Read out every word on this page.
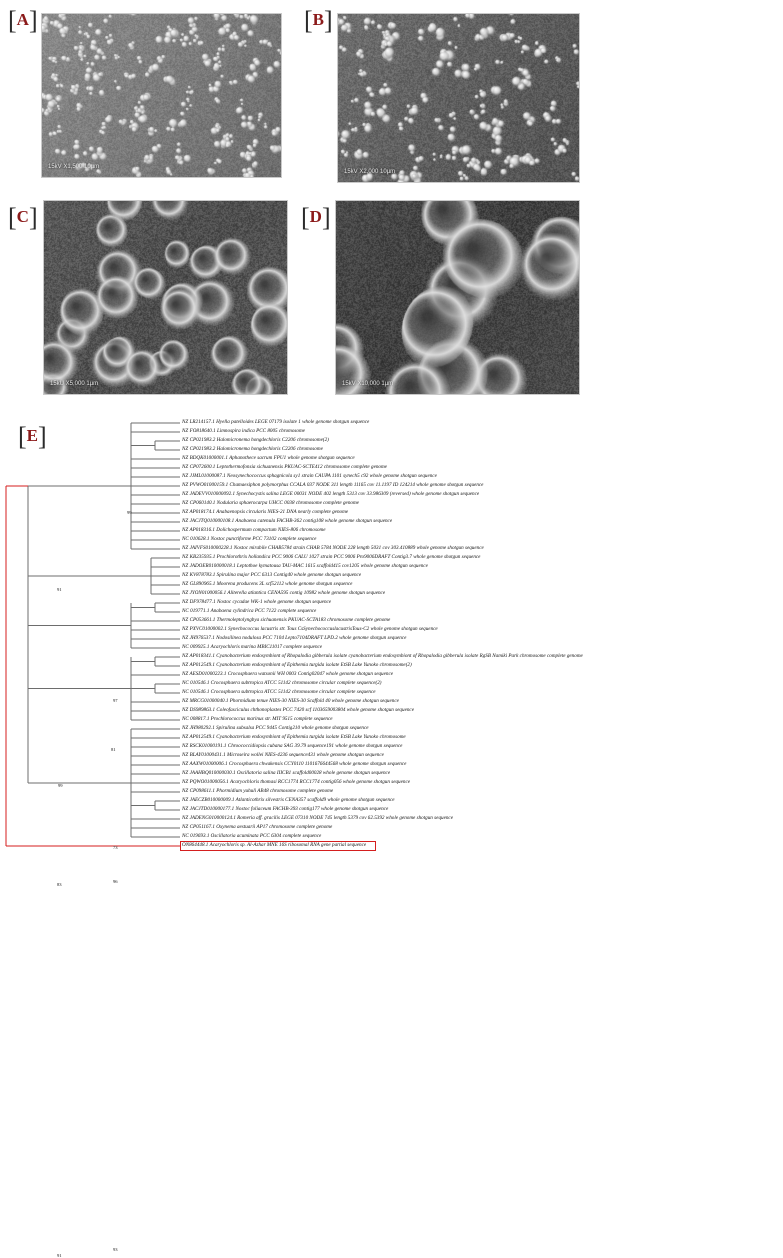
[A]
15kV X1,500 10µm
[B]
15kV X2,000 10µm
[C]
15kU X5,000 1µm
[D]
15kV X10,000 1µm
[E]
NZ LR214157.1 Hyella patelloides LEGE 07179 isolate 1 whole genome shotgun sequence
NZ FO818640.1 Limnospira indica PCC 8005 chromosome
NZ CP021983.2 Halomicronema hongdechloris C2206 chromosome(2)
NZ CP021983.2 Halomicronema hongdechloris C2206 chromosome
NZ BDQK01000001.1 Aphanothece sacrum FPU1 whole genome shotgun sequence
NZ CP072600.1 Leptothermofonsia sichuanensis PKUAC-SCTE412 chromosome complete genome
NZ JJML01000087.1 Neosynechococcus sphagnicola sy1 strain CAUPA 1101 synech5 c92 whole genome shotgun sequence
NZ PVWO01000159.1 Chamaesiphon polymorphus CCALA 037 NODE 311 length 11165 cov 11.1197 ID 124214 whole genome shotgun sequence
NZ JADEVV010000092.1 Synechocystis salina LEGE 00031 NODE 402 length 5313 cov 33.986309 (reversed) whole genome shotgun sequence
NZ CP060140.1 Nodularia sphaerocarpa UHCC 0038 chromosome complete genome
NZ AP018174.1 Anabaenopsis circularis NIES-21 DNA nearly complete genome
NZ JACJTQ010000108.1 Anabaena catenula FACHB-362 contig108 whole genome shotgun sequence
NZ AP018316.1 Dolichospermum compactum NIES-806 chromosome
NC 010628.1 Nostoc punctiforme PCC 73102 complete sequence
NZ JAIVFS010000228.1 Nostoc mirabile CHAB5784 strain CHAB 5784 NODE 228 length 5031 cov 303.410889 whole genome shotgun sequence
NZ KB235935.1 Prochlorothrix hollandica PCC 9006 CALU 1027 strain PCC 9006 Pro9006DRAFT Contig3.7 whole genome shotgun sequence
NZ JADOER010000018.1 Leptothoe kymatousa TAU-MAC 1615 scaffold415 cov1205 whole genome shotgun sequence
NZ KV878783.1 Spirulina major PCC 6313 Contig40 whole genome shotgun sequence
NZ GL890965.1 Moorena producens 3L scf52112 whole genome shotgun sequence
NZ JYON01000056.1 Aliterella atlantica CENA595 contig 10982 whole genome shotgun sequence
NZ DF978477.1 Nostoc cycadae WK-1 whole genome shotgun sequence
NC 019771.1 Anabaena cylindrica PCC 7122 complete sequence
NZ CP053661.1 Thermoleptolyngbya sichuanensis PKUAC-SCTA183 chromosome complete genome
NZ PXVC01000002.1 Synechococcus lacustris str. Tous CsSynechococcuslacustrisTous-C2 whole genome shotgun sequence
NZ JH976537.1 Nodosilinea nodulosa PCC 7104 Lepto7104DRAFT LPD.2 whole genome shotgun sequence
NC 009925.1 Acaryochloris marina MBIC11017 complete sequence
NZ AP018341.1 Cyanobacterium endosymbiont of Rhopalodia gibberula isolate cyanobacterium endosymbiont of Rhopalodia gibberula isolate RgSB Namiki Park chromosome complete genome
NZ AP012549.1 Cyanobacterium endosymbiont of Epithemia turgida isolate EtSB Lake Yunoko chromosome(2)
NZ AESD01000223.1 Crocosphaera watsonii WH 0003 Contig02047 whole genome shotgun sequence
NC 010546.1 Crocosphaera subtropica ATCC 51142 chromosome circular complete sequence(2)
NC 010546.1 Crocosphaera subtropica ATCC 51142 chromosome circular complete sequence
NZ MRCG01000040.1 Phormidium tenue NIES-30 NIES-30 Scaffold 40 whole genome shotgun sequence
NZ DS989863.1 Coleofasciculus chthonoplastes PCC 7420 scf 1103659003804 whole genome shotgun sequence
NC 008817.1 Prochlorococcus marinus str. MIT 9515 complete sequence
NZ JH980292.1 Spirulina subsalsa PCC 9445 Contig210 whole genome shotgun sequence
NZ AP012549.1 Cyanobacterium endosymbiont of Epithemia turgida isolate EtSB Lake Yunoko chromosome
NZ RSCK01000191.1 Chroococcidiopsis cubana SAG 39.79 sequence191 whole genome shotgun sequence
NZ BLAY01000431.1 Microseira wollei NIES-4236 sequence431 whole genome shotgun sequence
NZ AAXW01000006.1 Crocosphaera chwakensis CCY0110 1101676644568 whole genome shotgun sequence
NZ JAAHBQ010000030.1 Oscillatoria salina IIICB1 scaffold00028 whole genome shotgun sequence
NZ PQWO01000056.1 Acaryochloris thomasi RCC1774 RCC1774 contig056 whole genome shotgun sequence
NZ CP098611.1 Phormidium yuhuli AB48 chromosome complete genome
NZ JAECZB010000009.1 Atlanticothrix silvestris CENA357 scaffold9 whole genome shotgun sequence
NZ JACJTD010000177.1 Nostoc foliaceum FACHB-393 contig177 whole genome shotgun sequence
NZ JADENG010000124.1 Romeria aff. gracilis LEGE 07310 NODE 745 length 5379 cov 62.5392 whole genome shotgun sequence
NZ CP051167.1 Oxynema aestuarii AP17 chromosome complete genome
NC 019693.1 Oscillatoria acuminata PCC 6304 complete sequence
ON864448.1 Acaryochloris sp. Al-Azhar MNE 16S ribosomal RNA gene partial sequence
99
91
97
81
99
73
96
83
93
91
